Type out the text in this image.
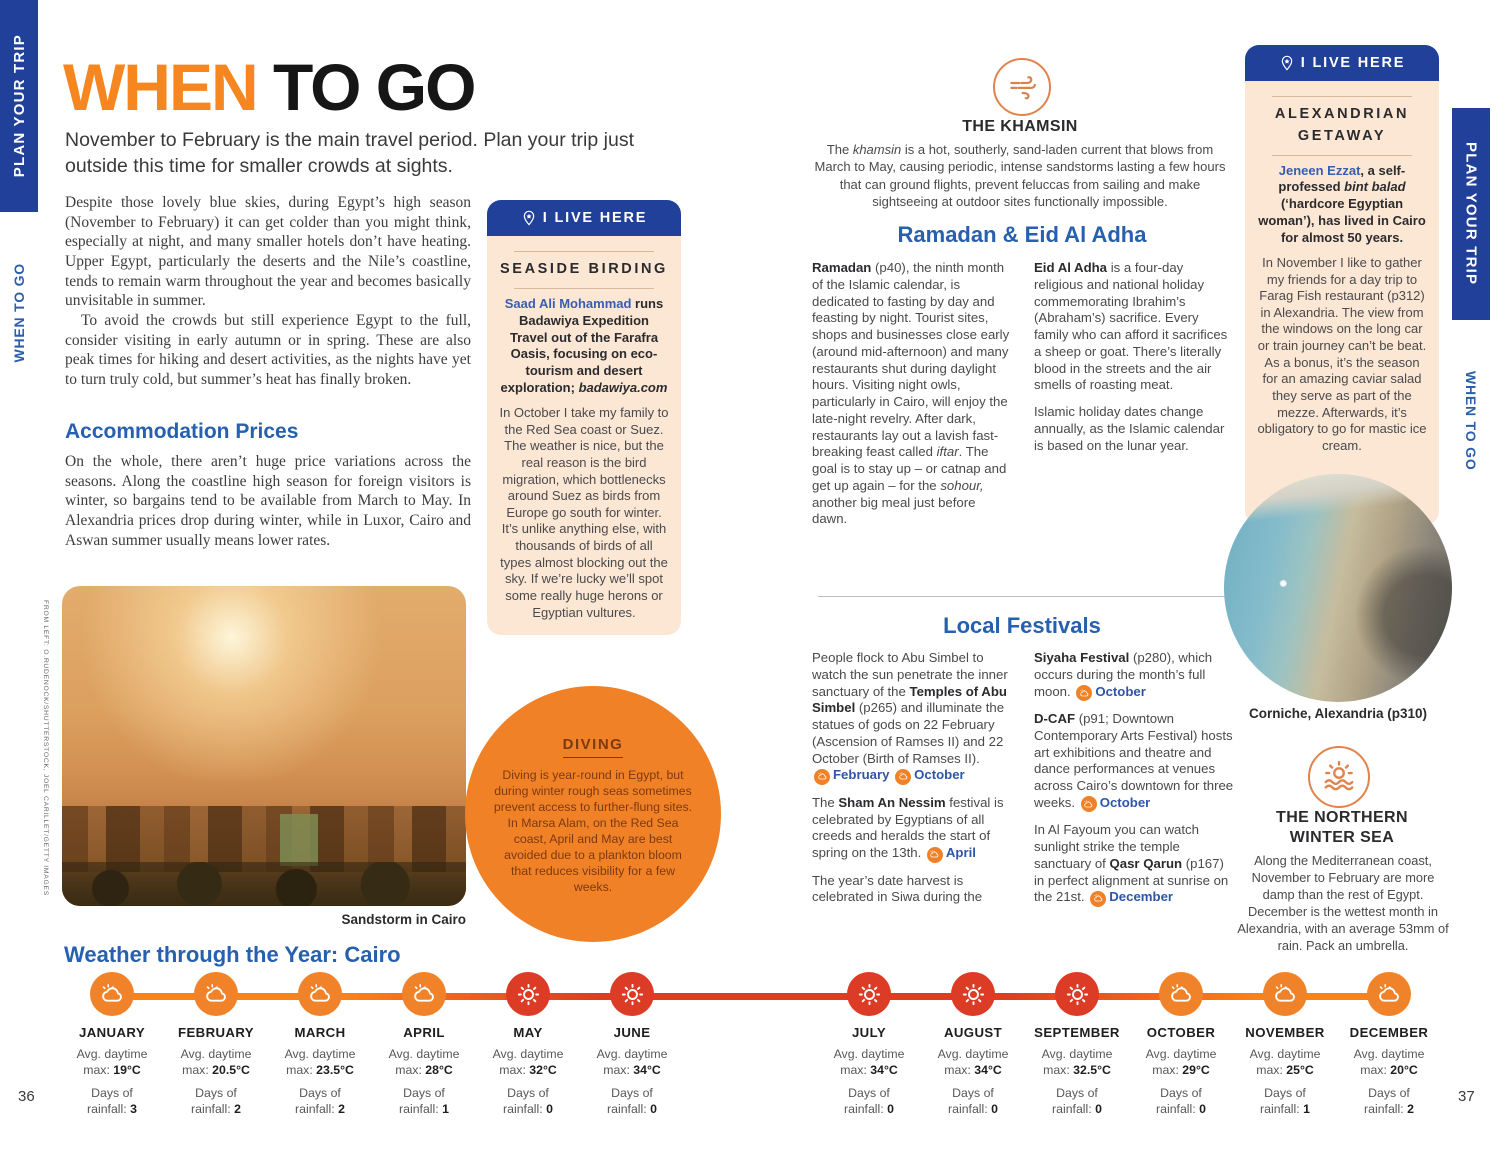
PLAN YOUR TRIP
WHEN TO GO
PLAN YOUR TRIP
WHEN TO GO
WHEN TO GO

November to February is the main travel period. Plan your trip just outside this time for smaller crowds at sights.

Despite those lovely blue skies, during Egypt’s high season (November to February) it can get colder than you might think, especially at night, and many smaller hotels don’t have heating. Upper Egypt, particularly the deserts and the Nile’s coastline, tends to remain warm throughout the year and becomes basically unvisitable in summer.

To avoid the crowds but still experience Egypt to the full, consider visiting in early autumn or in spring. These are also peak times for hiking and desert activities, as the nights have yet to turn truly cold, but summer’s heat has finally broken.

Accommodation Prices
On the whole, there aren’t huge price variations across the seasons. Along the coastline high season for foreign visitors is winter, so bargains tend to be available from March to May. In Alexandria prices drop during winter, while in Luxor, Cairo and Aswan summer usually means lower rates.
FROM LEFT: O.RUDENOCK/SHUTTERSTOCK, JOEL CARILLET/GETTY IMAGES
Sandstorm in Cairo
I LIVE HERE
SEASIDE BIRDING
Saad Ali Mohammad runs Badawiya Expedition Travel out of the Farafra Oasis, focusing on eco-tourism and desert exploration; badawiya.com
In October I take my family to the Red Sea coast or Suez. The weather is nice, but the real reason is the bird migration, which bottlenecks around Suez as birds from Europe go south for winter. It’s unlike anything else, with thousands of birds of all types almost blocking out the sky. If we’re lucky we’ll spot some really huge herons or Egyptian vultures.
DIVING
Diving is year-round in Egypt, but during winter rough seas sometimes prevent access to further-flung sites. In Marsa Alam, on the Red Sea coast, April and May are best avoided due to a plankton bloom that reduces visibility for a few weeks.
THE KHAMSIN
The khamsin is a hot, southerly, sand-laden current that blows from March to May, causing periodic, intense sandstorms lasting a few hours that can ground flights, prevent feluccas from sailing and make sightseeing at outdoor sites functionally impossible.
Ramadan & Eid Al Adha

Ramadan (p40), the ninth month of the Islamic calendar, is dedicated to fasting by day and feasting by night. Tourist sites, shops and businesses close early (around mid-afternoon) and many restaurants shut during daylight hours. Visiting night owls, particularly in Cairo, will enjoy the late-night revelry. After dark, restaurants lay out a lavish fast-breaking feast called iftar. The goal is to stay up – or catnap and get up again – for the sohour, another big meal just before dawn.

Eid Al Adha is a four-day religious and national holiday commemorating Ibrahim’s (Abraham’s) sacrifice. Every family who can afford it sacrifices a sheep or goat. There’s literally blood in the streets and the air smells of roasting meat.

Islamic holiday dates change annually, as the Islamic calendar is based on the lunar year.

Local Festivals

People flock to Abu Simbel to watch the sun penetrate the inner sanctuary of the Temples of Abu Simbel (p265) and illuminate the statues of gods on 22 February (Ascension of Ramses II) and 22 October (Birth of Ramses II).
February October

The Sham An Nessim festival is celebrated by Egyptians of all creeds and heralds the start of spring on the 13th.
April

The year’s date harvest is celebrated in Siwa during the

Siyaha Festival (p280), which occurs during the month’s full moon.
October

D-CAF (p91; Downtown Contemporary Arts Festival) hosts art exhibitions and theatre and dance performances at venues across Cairo’s downtown for three weeks.
October

In Al Fayoum you can watch sunlight strike the temple sanctuary of Qasr Qarun (p167) in perfect alignment at sunrise on the 21st.
December

I LIVE HERE
ALEXANDRIAN GETAWAY
Jeneen Ezzat, a self-professed bint balad (‘hardcore Egyptian woman’), has lived in Cairo for almost 50 years.
In November I like to gather my friends for a day trip to Farag Fish restaurant (p312) in Alexandria. The view from the windows on the long car or train journey can’t be beat. As a bonus, it’s the season for an amazing caviar salad they serve as part of the mezze. Afterwards, it’s obligatory to go for mastic ice cream.
Corniche, Alexandria (p310)
THE NORTHERN WINTER SEA
Along the Mediterranean coast, November to February are more damp than the rest of Egypt. December is the wettest month in Alexandria, with an average 53mm of rain. Pack an umbrella.
Weather through the Year: Cairo
JANUARY
Avg. daytime
max: 19°C
Days of
rainfall: 3
FEBRUARY
Avg. daytime
max: 20.5°C
Days of
rainfall: 2
MARCH
Avg. daytime
max: 23.5°C
Days of
rainfall: 2
APRIL
Avg. daytime
max: 28°C
Days of
rainfall: 1
MAY
Avg. daytime
max: 32°C
Days of
rainfall: 0
JUNE
Avg. daytime
max: 34°C
Days of
rainfall: 0
JULY
Avg. daytime
max: 34°C
Days of
rainfall: 0
AUGUST
Avg. daytime
max: 34°C
Days of
rainfall: 0
SEPTEMBER
Avg. daytime
max: 32.5°C
Days of
rainfall: 0
OCTOBER
Avg. daytime
max: 29°C
Days of
rainfall: 0
NOVEMBER
Avg. daytime
max: 25°C
Days of
rainfall: 1
DECEMBER
Avg. daytime
max: 20°C
Days of
rainfall: 2
36	37
